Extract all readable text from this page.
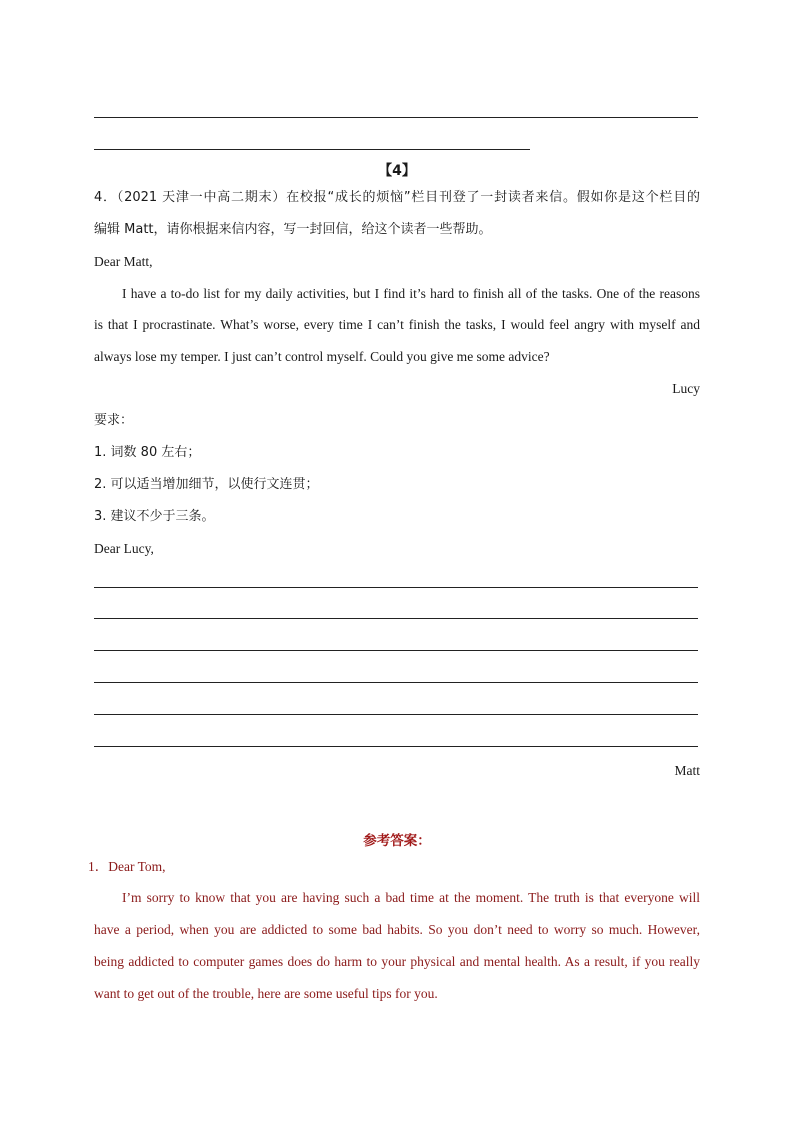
【4】
4．（2021 天津一中高二期末）在校报“成长的烦恼”栏目刊登了一封读者来信。假如你是这个栏目的
编辑 Matt，请你根据来信内容，写一封回信，给这个读者一些帮助。
Dear Matt,
I have a to-do list for my daily activities, but I find it’s hard to finish all of the tasks. One of the reasons
is that I procrastinate. What’s worse, every time I can’t finish the tasks, I would feel angry with myself and
always lose my temper. I just can’t control myself. Could you give me some advice?
Lucy
要求：
1. 词数 80 左右；
2. 可以适当增加细节，以使行文连贯；
3. 建议不少于三条。
Dear Lucy,
Matt
参考答案：
1．Dear Tom,
I’m sorry to know that you are having such a bad time at the moment. The truth is that everyone will
have a period, when you are addicted to some bad habits. So you don’t need to worry so much. However,
being addicted to computer games does do harm to your physical and mental health. As a result, if you really
want to get out of the trouble, here are some useful tips for you.
